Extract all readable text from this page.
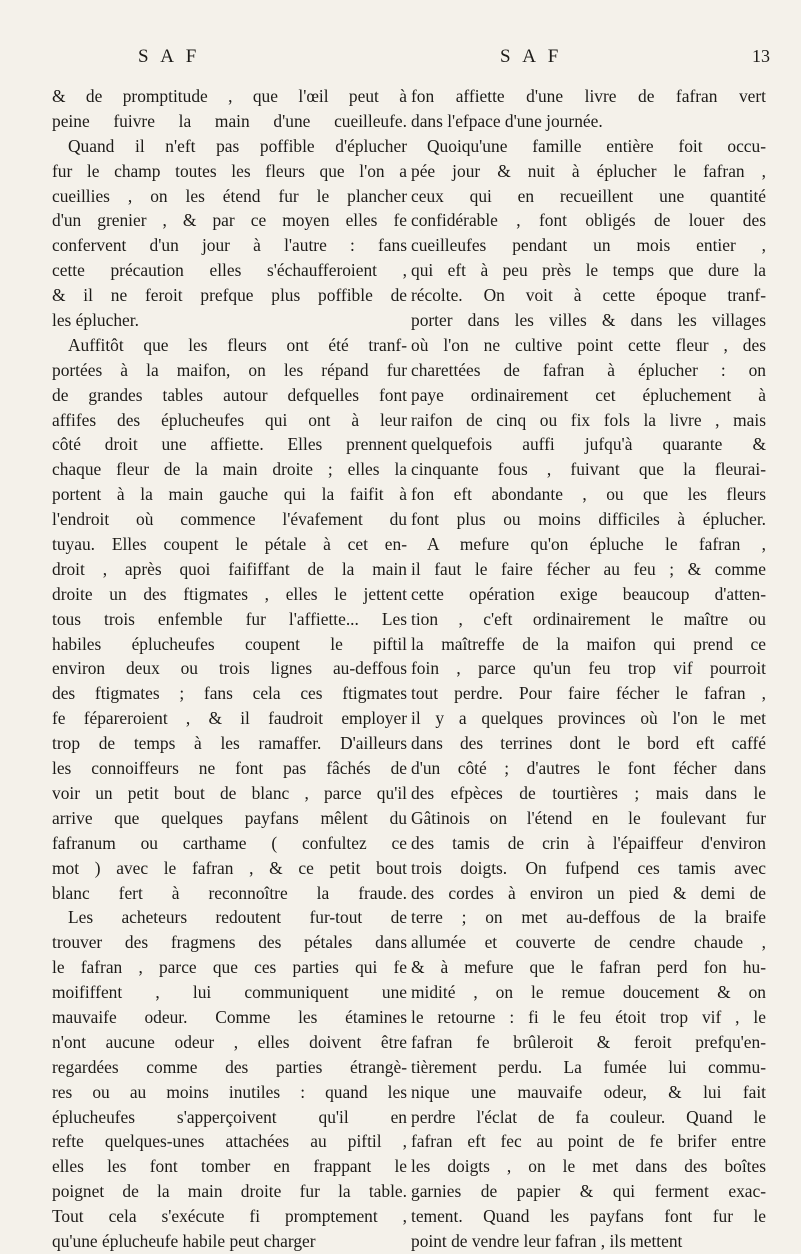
S A F	S A F	13
& de promptitude , que l'œil peut à
peine fuivre la main d'une cueilleufe.
Quand il n'eft pas poffible d'éplucher
fur le champ toutes les fleurs que l'on a
cueillies , on les étend fur le plancher
d'un grenier , & par ce moyen elles fe
confervent d'un jour à l'autre : fans
cette précaution elles s'échaufferoient ,
& il ne feroit prefque plus poffible de
les éplucher.
Auffitôt que les fleurs ont été tranf-
portées à la maifon, on les répand fur
de grandes tables autour defquelles font
affifes des éplucheufes qui ont à leur
côté droit une affiette. Elles prennent
chaque fleur de la main droite ; elles la
portent à la main gauche qui la faifit à
l'endroit où commence l'évafement du
tuyau. Elles coupent le pétale à cet en-
droit , après quoi faififfant de la main
droite un des ftigmates , elles le jettent
tous trois enfemble fur l'affiette... Les
habiles éplucheufes coupent le piftil
environ deux ou trois lignes au-deffous
des ftigmates ; fans cela ces ftigmates
fe fépareroient , & il faudroit employer
trop de temps à les ramaffer. D'ailleurs
les connoiffeurs ne font pas fâchés de
voir un petit bout de blanc , parce qu'il
arrive que quelques payfans mêlent du
fafranum ou carthame ( confultez ce
mot ) avec le fafran , & ce petit bout
blanc fert à reconnoître la fraude.
Les acheteurs redoutent fur-tout de
trouver des fragmens des pétales dans
le fafran , parce que ces parties qui fe
moififfent , lui communiquent une
mauvaife odeur. Comme les étamines
n'ont aucune odeur , elles doivent être
regardées comme des parties étrangè-
res ou au moins inutiles : quand les
éplucheufes s'apperçoivent qu'il en
refte quelques-unes attachées au piftil ,
elles les font tomber en frappant le
poignet de la main droite fur la table.
Tout cela s'exécute fi promptement ,
qu'une éplucheufe habile peut charger
fon affiette d'une livre de fafran vert
dans l'efpace d'une journée.
Quoiqu'une famille entière foit occu-
pée jour & nuit à éplucher le fafran ,
ceux qui en recueillent une quantité
confidérable , font obligés de louer des
cueilleufes pendant un mois entier ,
qui eft à peu près le temps que dure la
récolte. On voit à cette époque tranf-
porter dans les villes & dans les villages
où l'on ne cultive point cette fleur , des
charettées de fafran à éplucher : on
paye ordinairement cet épluchement à
raifon de cinq ou fix fols la livre , mais
quelquefois auffi jufqu'à quarante &
cinquante fous , fuivant que la fleurai-
fon eft abondante , ou que les fleurs
font plus ou moins difficiles à éplucher.
A mefure qu'on épluche le fafran ,
il faut le faire fécher au feu ; & comme
cette opération exige beaucoup d'atten-
tion , c'eft ordinairement le maître ou
la maîtreffe de la maifon qui prend ce
foin , parce qu'un feu trop vif pourroit
tout perdre. Pour faire fécher le fafran ,
il y a quelques provinces où l'on le met
dans des terrines dont le bord eft caffé
d'un côté ; d'autres le font fécher dans
des efpèces de tourtières ; mais dans le
Gâtinois on l'étend en le foulevant fur
des tamis de crin à l'épaiffeur d'environ
trois doigts. On fufpend ces tamis avec
des cordes à environ un pied & demi de
terre ; on met au-deffous de la braife
allumée et couverte de cendre chaude ,
& à mefure que le fafran perd fon hu-
midité , on le remue doucement & on
le retourne : fi le feu étoit trop vif , le
fafran fe brûleroit & feroit prefqu'en-
tièrement perdu. La fumée lui commu-
nique une mauvaife odeur, & lui fait
perdre l'éclat de fa couleur. Quand le
fafran eft fec au point de fe brifer entre
les doigts , on le met dans des boîtes
garnies de papier & qui ferment exac-
tement. Quand les payfans font fur le
point de vendre leur fafran , ils mettent
